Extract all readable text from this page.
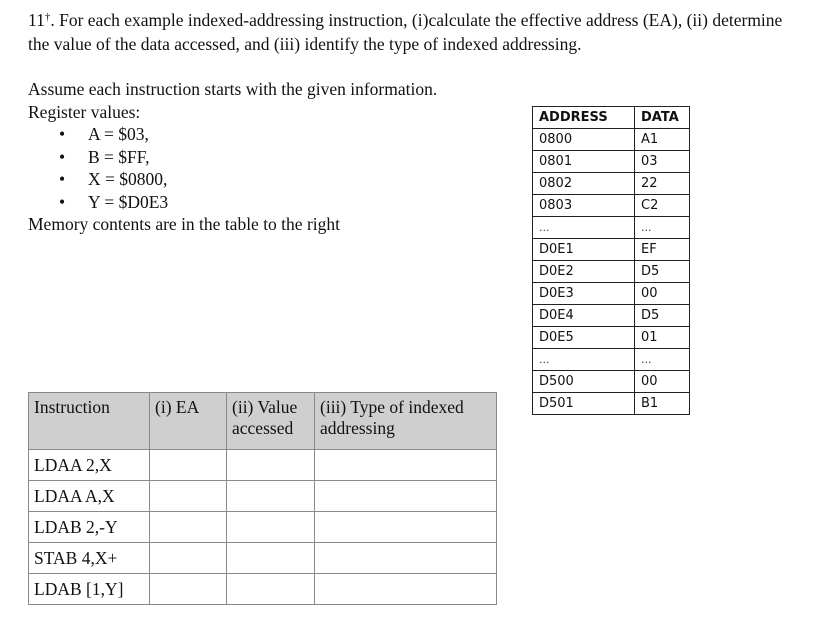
11†. For each example indexed-addressing instruction, (i)calculate the effective address (EA), (ii) determine the value of the data accessed, and (iii) identify the type of indexed addressing.
Assume each instruction starts with the given information.
Register values:
• A = $03,
• B = $FF,
• X = $0800,
• Y = $D0E3
Memory contents are in the table to the right
ADDRESS	DATA
0800	A1
0801	03
0802	22
0803	C2
...	...
D0E1	EF
D0E2	D5
D0E3	00
D0E4	D5
D0E5	01
...	...
D500	00
D501	B1
Instruction	(i) EA	(ii) Value accessed	(iii) Type of indexed addressing
LDAA 2,X			
LDAA A,X			
LDAB 2,-Y			
STAB 4,X+			
LDAB [1,Y]			
